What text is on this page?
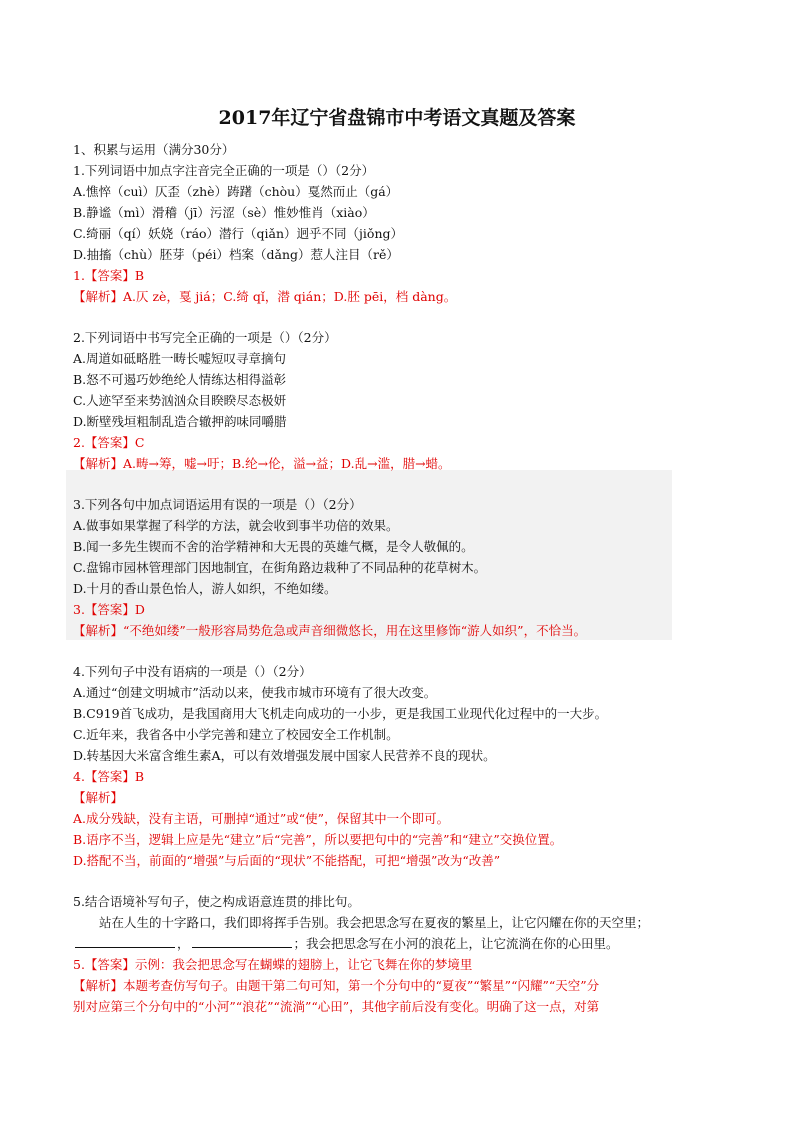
2017年辽宁省盘锦市中考语文真题及答案
1、积累与运用（满分30分）
1.下列词语中加点字注音完全正确的一项是（）（2分）
A.憔悴（cuì）仄歪（zhè）踌躇（chòu）戛然而止（gá）
B.静谧（mì）滑稽（jī）污涩（sè）惟妙惟肖（xiào）
C.绮丽（qí）妖娆（ráo）潜行（qiǎn）迥乎不同（jiǒng）
D.抽搐（chù）胚芽（péi）档案（dǎng）惹人注目（rě）
1.【答案】B
【解析】A.仄 zè，戛 jiá；C.绮 qǐ，潜 qián；D.胚 pēi，档 dàng。
2.下列词语中书写完全正确的一项是（）（2分）
A.周道如砥略胜一畴长嘘短叹寻章摘句
B.怒不可遏巧妙绝纶人情练达相得溢彰
C.人迹罕至来势汹汹众目睽睽尽态极妍
D.断壁残垣粗制乱造合辙押韵味同嚼腊
2.【答案】C
【解析】A.畴→筹，嘘→吁；B.纶→伦，溢→益；D.乱→滥，腊→蜡。
3.下列各句中加点词语运用有误的一项是（）（2分）
A.做事如果掌握了科学的方法，就会收到事半功倍的效果。
B.闻一多先生锲而不舍的治学精神和大无畏的英雄气概，是令人敬佩的。
C.盘锦市园林管理部门因地制宜，在街角路边栽种了不同品种的花草树木。
D.十月的香山景色怡人，游人如织，不绝如缕。
3.【答案】D
【解析】“不绝如缕”一般形容局势危急或声音细微悠长，用在这里修饰“游人如织”，不恰当。
4.下列句子中没有语病的一项是（）（2分）
A.通过“创建文明城市”活动以来，使我市城市环境有了很大改变。
B.C919首飞成功，是我国商用大飞机走向成功的一小步，更是我国工业现代化过程中的一大步。
C.近年来，我省各中小学完善和建立了校园安全工作机制。
D.转基因大米富含维生素A，可以有效增强发展中国家人民营养不良的现状。
4.【答案】B
【解析】
A.成分残缺，没有主语，可删掉“通过”或“使”，保留其中一个即可。
B.语序不当，逻辑上应是先“建立”后“完善”，所以要把句中的“完善”和“建立”交换位置。
D.搭配不当，前面的“增强”与后面的“现状”不能搭配，可把“增强”改为“改善”
5.结合语境补写句子，使之构成语意连贯的排比句。
站在人生的十字路口，我们即将挥手告别。我会把思念写在夏夜的繁星上，让它闪耀在你的天空里；
，	；我会把思念写在小河的浪花上，让它流淌在你的心田里。
5.【答案】示例：我会把思念写在蝴蝶的翅膀上，让它飞舞在你的梦境里
【解析】本题考查仿写句子。由题干第二句可知，第一个分句中的“夏夜”“繁星”“闪耀”“天空”分
别对应第三个分句中的“小河”“浪花”“流淌”“心田”，其他字前后没有变化。明确了这一点，对第
